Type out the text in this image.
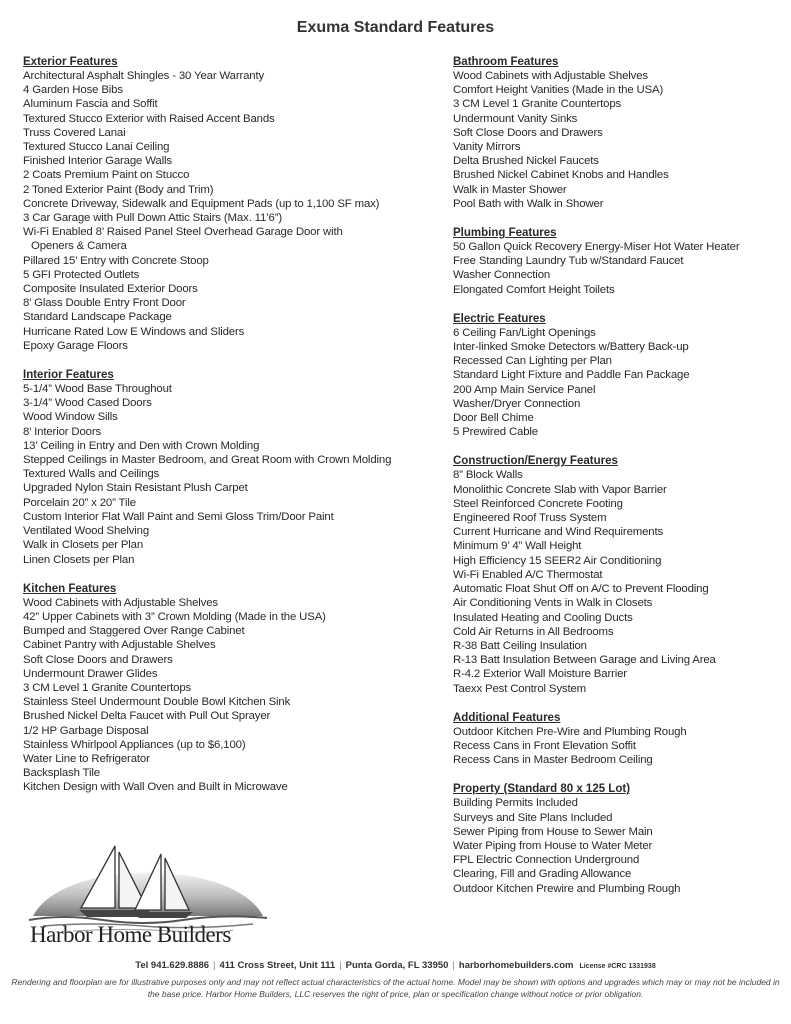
Exuma Standard Features
Exterior Features
Architectural Asphalt Shingles - 30 Year Warranty
4 Garden Hose Bibs
Aluminum Fascia and Soffit
Textured Stucco Exterior with Raised Accent Bands
Truss Covered Lanai
Textured Stucco Lanai Ceiling
Finished Interior Garage Walls
2 Coats Premium Paint on Stucco
2 Toned Exterior Paint (Body and Trim)
Concrete Driveway, Sidewalk and Equipment Pads (up to 1,100 SF max)
3 Car Garage with Pull Down Attic Stairs (Max. 11’6”)
Wi-Fi Enabled 8’ Raised Panel Steel Overhead Garage Door with
Openers & Camera
Pillared 15’ Entry with Concrete Stoop
5 GFI Protected Outlets
Composite Insulated Exterior Doors
8’ Glass Double Entry Front Door
Standard Landscape Package
Hurricane Rated Low E Windows and Sliders
Epoxy Garage Floors
Interior Features
5-1/4” Wood Base Throughout
3-1/4” Wood Cased Doors
Wood Window Sills
8’ Interior Doors
13’ Ceiling in Entry and Den with Crown Molding
Stepped Ceilings in Master Bedroom, and Great Room with Crown Molding
Textured Walls and Ceilings
Upgraded Nylon Stain Resistant Plush Carpet
Porcelain 20” x 20” Tile
Custom Interior Flat Wall Paint and Semi Gloss Trim/Door Paint
Ventilated Wood Shelving
Walk in Closets per Plan
Linen Closets per Plan
Kitchen Features
Wood Cabinets with Adjustable Shelves
42” Upper Cabinets with 3” Crown Molding (Made in the USA)
Bumped and Staggered Over Range Cabinet
Cabinet Pantry with Adjustable Shelves
Soft Close Doors and Drawers
Undermount Drawer Glides
3 CM Level 1 Granite Countertops
Stainless Steel Undermount Double Bowl Kitchen Sink
Brushed Nickel Delta Faucet with Pull Out Sprayer
1/2 HP Garbage Disposal
Stainless Whirlpool Appliances (up to $6,100)
Water Line to Refrigerator
Backsplash Tile
Kitchen Design with Wall Oven and Built in Microwave
Bathroom Features
Wood Cabinets with Adjustable Shelves
Comfort Height Vanities (Made in the USA)
3 CM Level 1 Granite Countertops
Undermount Vanity Sinks
Soft Close Doors and Drawers
Vanity Mirrors
Delta Brushed Nickel Faucets
Brushed Nickel Cabinet Knobs and Handles
Walk in Master Shower
Pool Bath with Walk in Shower
Plumbing Features
50 Gallon Quick Recovery Energy-Miser Hot Water Heater
Free Standing Laundry Tub w/Standard Faucet
Washer Connection
Elongated Comfort Height Toilets
Electric Features
6 Ceiling Fan/Light Openings
Inter-linked Smoke Detectors w/Battery Back-up
Recessed Can Lighting per Plan
Standard Light Fixture and Paddle Fan Package
200 Amp Main Service Panel
Washer/Dryer Connection
Door Bell Chime
5 Prewired Cable
Construction/Energy Features
8” Block Walls
Monolithic Concrete Slab with Vapor Barrier
Steel Reinforced Concrete Footing
Engineered Roof Truss System
Current Hurricane and Wind Requirements
Minimum 9’ 4” Wall Height
High Efficiency 15 SEER2 Air Conditioning
Wi-Fi Enabled A/C Thermostat
Automatic Float Shut Off on A/C to Prevent Flooding
Air Conditioning Vents in Walk in Closets
Insulated Heating and Cooling Ducts
Cold Air Returns in All Bedrooms
R-38 Batt Ceiling Insulation
R-13 Batt Insulation Between Garage and Living Area
R-4.2 Exterior Wall Moisture Barrier
Taexx Pest Control System
Additional Features
Outdoor Kitchen Pre-Wire and Plumbing Rough
Recess Cans in Front Elevation Soffit
Recess Cans in Master Bedroom Ceiling
Property (Standard 80 x 125 Lot)
Building Permits Included
Surveys and Site Plans Included
Sewer Piping from House to Sewer Main
Water Piping from House to Water Meter
FPL Electric Connection Underground
Clearing, Fill and Grading Allowance
Outdoor Kitchen Prewire and Plumbing Rough
Harbor Home Builders
Tel 941.629.8886 | 411 Cross Street, Unit 111 | Punta Gorda, FL 33950 | harborhomebuilders.com License #CRC 1331938
Rendering and floorplan are for illustrative purposes only and may not reflect actual characteristics of the actual home. Model may be shown with options and upgrades which may or may not be included in the base price. Harbor Home Builders, LLC reserves the right of price, plan or specification change without notice or prior obligation.
